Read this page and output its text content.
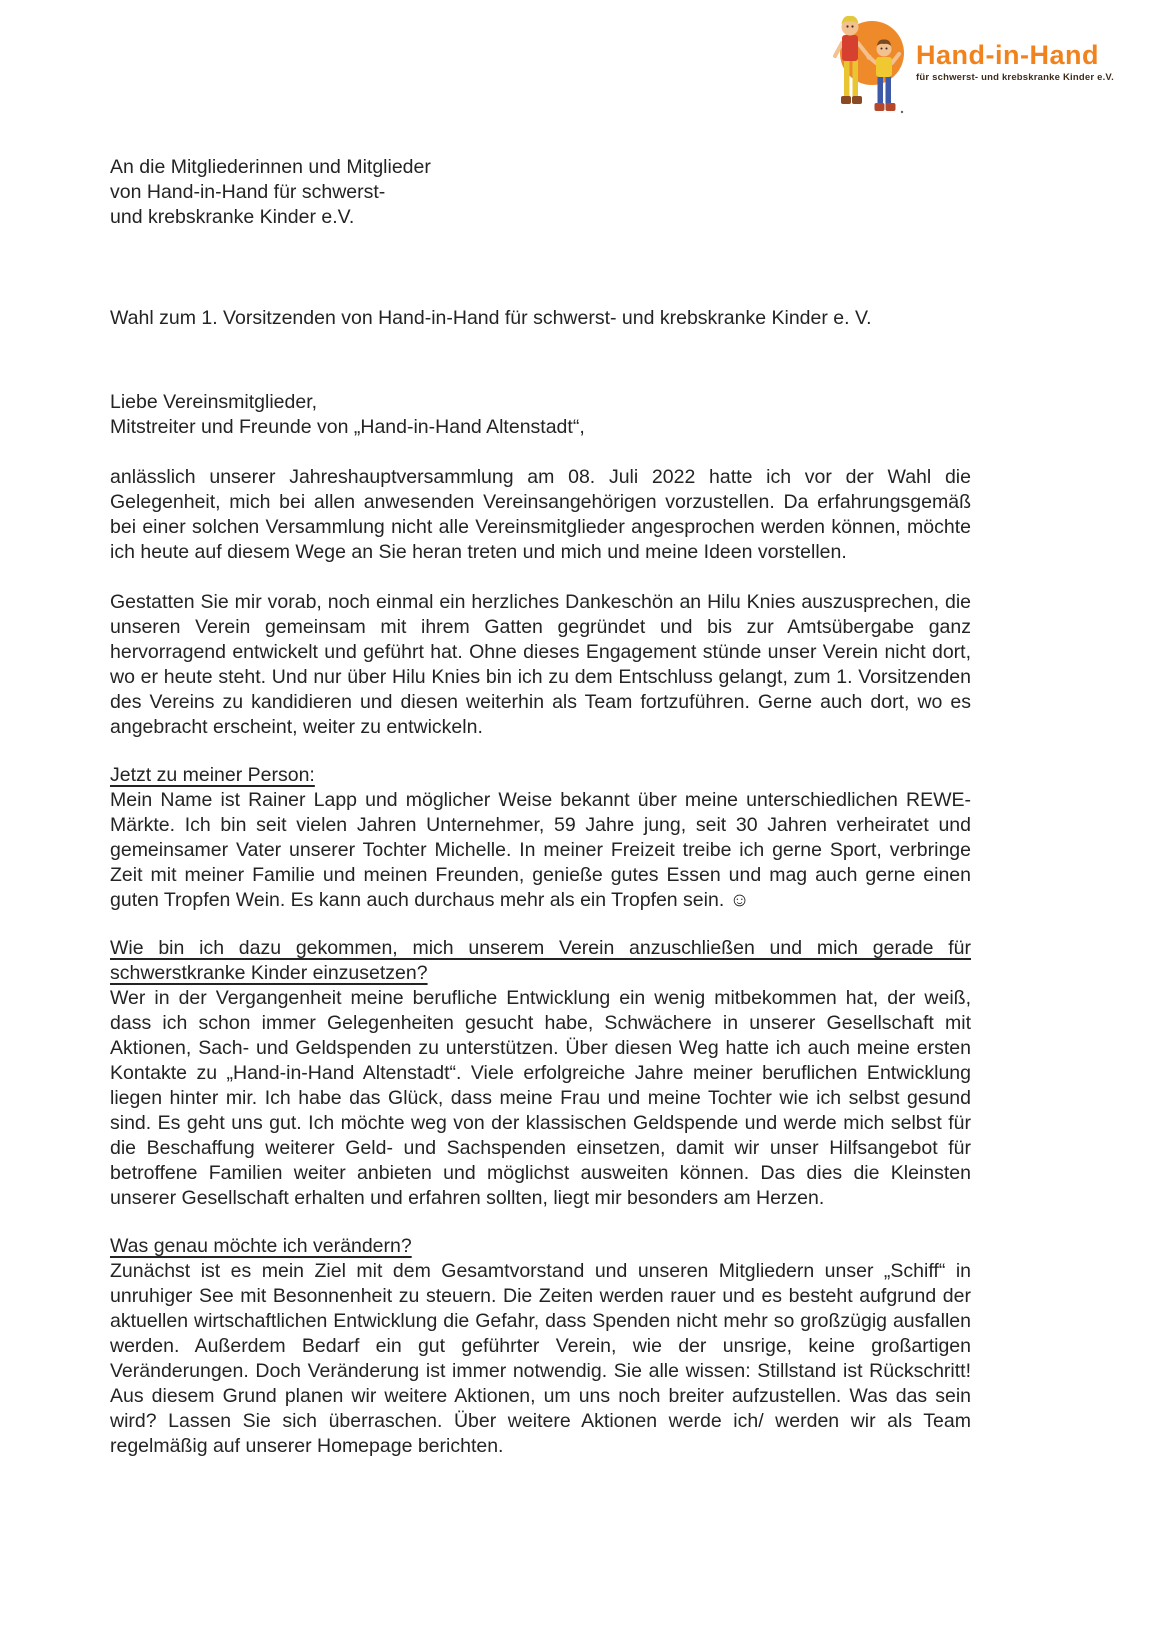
Hand-in-Hand
für schwerst- und krebskranke Kinder e.V.
An die Mitgliederinnen und Mitglieder
von Hand-in-Hand für schwerst-
und krebskranke Kinder e.V.
Wahl zum 1. Vorsitzenden von Hand-in-Hand für schwerst- und krebskranke Kinder e. V.
Liebe Vereinsmitglieder,
Mitstreiter und Freunde von „Hand-in-Hand Altenstadt“,

anlässlich unserer Jahreshauptversammlung am 08. Juli 2022 hatte ich vor der Wahl die Gelegenheit, mich bei allen anwesenden Vereinsangehörigen vorzustellen. Da erfahrungsgemäß bei einer solchen Versammlung nicht alle Vereinsmitglieder angesprochen werden können, möchte ich heute auf diesem Wege an Sie heran treten und mich und meine Ideen vorstellen.

Gestatten Sie mir vorab, noch einmal ein herzliches Dankeschön an Hilu Knies auszusprechen, die unseren Verein gemeinsam mit ihrem Gatten gegründet und bis zur Amtsübergabe ganz hervorragend entwickelt und geführt hat. Ohne dieses Engagement stünde unser Verein nicht dort, wo er heute steht. Und nur über Hilu Knies bin ich zu dem Entschluss gelangt, zum 1. Vorsitzenden des Vereins zu kandidieren und diesen weiterhin als Team fortzuführen. Gerne auch dort, wo es angebracht erscheint, weiter zu entwickeln.

Jetzt zu meiner Person:

Mein Name ist Rainer Lapp und möglicher Weise bekannt über meine unterschiedlichen REWE-Märkte. Ich bin seit vielen Jahren Unternehmer, 59 Jahre jung, seit 30 Jahren verheiratet und gemeinsamer Vater unserer Tochter Michelle. In meiner Freizeit treibe ich gerne Sport, verbringe Zeit mit meiner Familie und meinen Freunden, genieße gutes Essen und mag auch gerne einen guten Tropfen Wein. Es kann auch durchaus mehr als ein Tropfen sein. ☺

Wie bin ich dazu gekommen, mich unserem Verein anzuschließen und mich gerade für schwerstkranke Kinder einzusetzen?

Wer in der Vergangenheit meine berufliche Entwicklung ein wenig mitbekommen hat, der weiß, dass ich schon immer Gelegenheiten gesucht habe, Schwächere in unserer Gesellschaft mit Aktionen, Sach- und Geldspenden zu unterstützen. Über diesen Weg hatte ich auch meine ersten Kontakte zu „Hand-in-Hand Altenstadt“. Viele erfolgreiche Jahre meiner beruflichen Entwicklung liegen hinter mir. Ich habe das Glück, dass meine Frau und meine Tochter wie ich selbst gesund sind. Es geht uns gut. Ich möchte weg von der klassischen Geldspende und werde mich selbst für die Beschaffung weiterer Geld- und Sachspenden einsetzen, damit wir unser Hilfsangebot für betroffene Familien weiter anbieten und möglichst ausweiten können. Das dies die Kleinsten unserer Gesellschaft erhalten und erfahren sollten, liegt mir besonders am Herzen.

Was genau möchte ich verändern?

Zunächst ist es mein Ziel mit dem Gesamtvorstand und unseren Mitgliedern unser „Schiff“ in unruhiger See mit Besonnenheit zu steuern. Die Zeiten werden rauer und es besteht aufgrund der aktuellen wirtschaftlichen Entwicklung die Gefahr, dass Spenden nicht mehr so großzügig ausfallen werden. Außerdem Bedarf ein gut geführter Verein, wie der unsrige, keine großartigen Veränderungen. Doch Veränderung ist immer notwendig. Sie alle wissen: Stillstand ist Rückschritt! Aus diesem Grund planen wir weitere Aktionen, um uns noch breiter aufzustellen. Was das sein wird? Lassen Sie sich überraschen. Über weitere Aktionen werde ich/ werden wir als Team regelmäßig auf unserer Homepage berichten.
